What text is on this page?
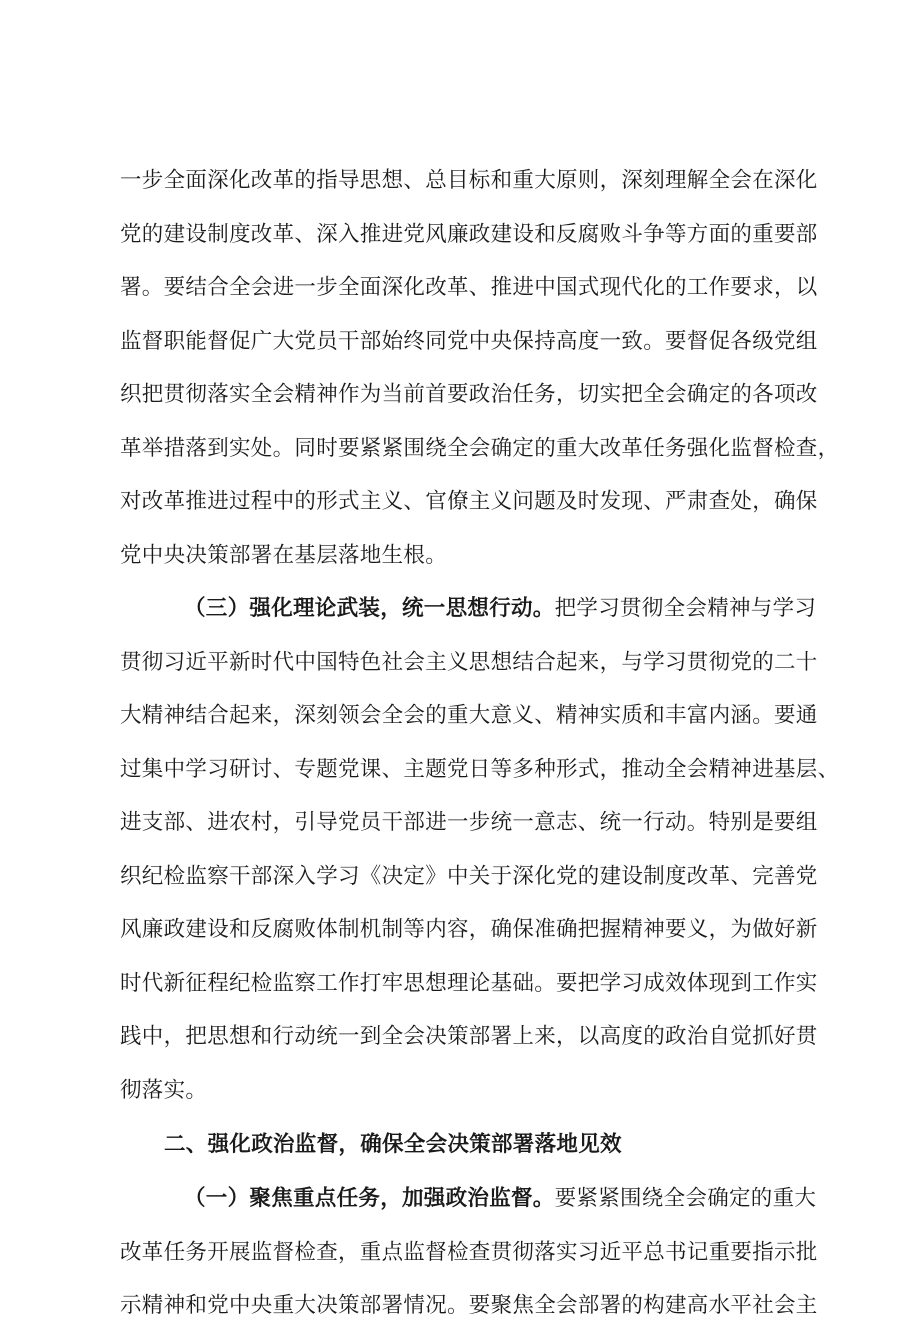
一步全面深化改革的指导思想、总目标和重大原则，深刻理解全会在深化
党的建设制度改革、深入推进党风廉政建设和反腐败斗争等方面的重要部
署。要结合全会进一步全面深化改革、推进中国式现代化的工作要求，以
监督职能督促广大党员干部始终同党中央保持高度一致。要督促各级党组
织把贯彻落实全会精神作为当前首要政治任务，切实把全会确定的各项改
革举措落到实处。同时要紧紧围绕全会确定的重大改革任务强化监督检查，
对改革推进过程中的形式主义、官僚主义问题及时发现、严肃查处，确保
党中央决策部署在基层落地生根。
（三）强化理论武装，统一思想行动。把学习贯彻全会精神与学习
贯彻习近平新时代中国特色社会主义思想结合起来，与学习贯彻党的二十
大精神结合起来，深刻领会全会的重大意义、精神实质和丰富内涵。要通
过集中学习研讨、专题党课、主题党日等多种形式，推动全会精神进基层、
进支部、进农村，引导党员干部进一步统一意志、统一行动。特别是要组
织纪检监察干部深入学习《决定》中关于深化党的建设制度改革、完善党
风廉政建设和反腐败体制机制等内容，确保准确把握精神要义，为做好新
时代新征程纪检监察工作打牢思想理论基础。要把学习成效体现到工作实
践中，把思想和行动统一到全会决策部署上来，以高度的政治自觉抓好贯
彻落实。
二、强化政治监督，确保全会决策部署落地见效
（一）聚焦重点任务，加强政治监督。要紧紧围绕全会确定的重大
改革任务开展监督检查，重点监督检查贯彻落实习近平总书记重要指示批
示精神和党中央重大决策部署情况。要聚焦全会部署的构建高水平社会主
